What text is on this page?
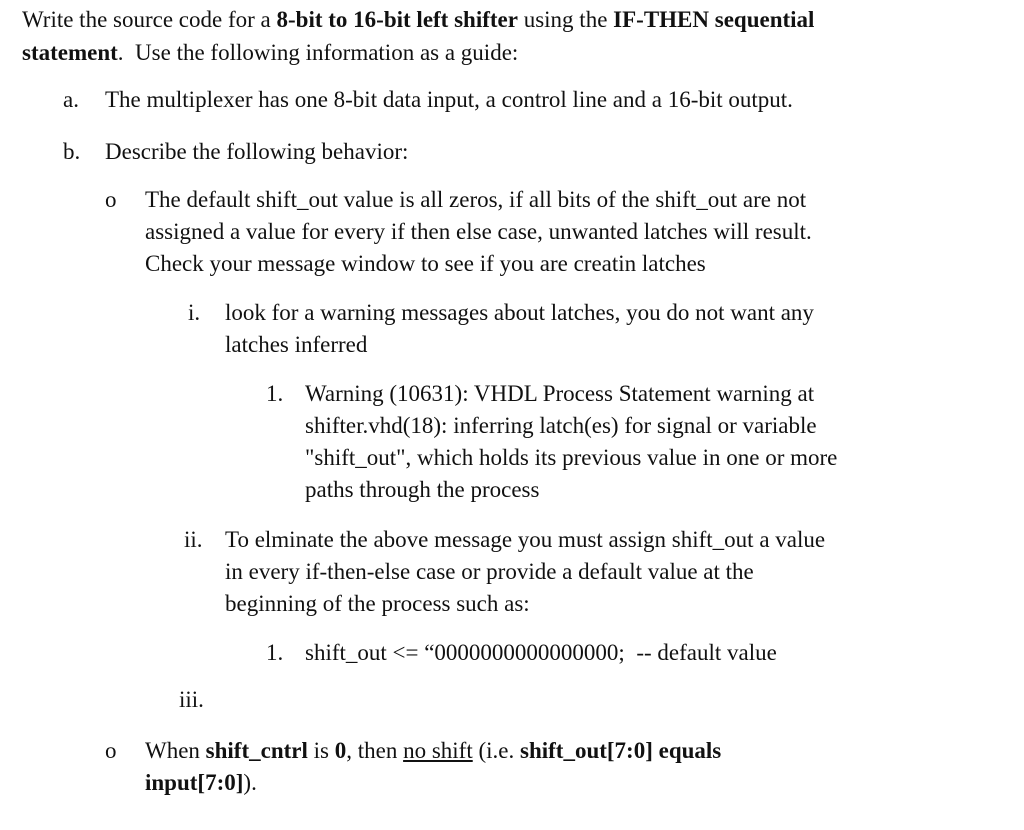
Write the source code for a 8-bit to 16-bit left shifter using the IF-THEN sequential
statement.  Use the following information as a guide:
a. The multiplexer has one 8-bit data input, a control line and a 16-bit output.
b. Describe the following behavior:
o The default shift_out value is all zeros, if all bits of the shift_out are not
assigned a value for every if then else case, unwanted latches will result.
Check your message window to see if you are creatin latches
i. look for a warning messages about latches, you do not want any
latches inferred
1. Warning (10631): VHDL Process Statement warning at
shifter.vhd(18): inferring latch(es) for signal or variable
"shift_out", which holds its previous value in one or more
paths through the process
ii. To elminate the above message you must assign shift_out a value
in every if-then-else case or provide a default value at the
beginning of the process such as:
1. shift_out <= “0000000000000000;  -- default value
iii.
o When shift_cntrl is 0, then no shift (i.e. shift_out[7:0] equals
input[7:0]).
